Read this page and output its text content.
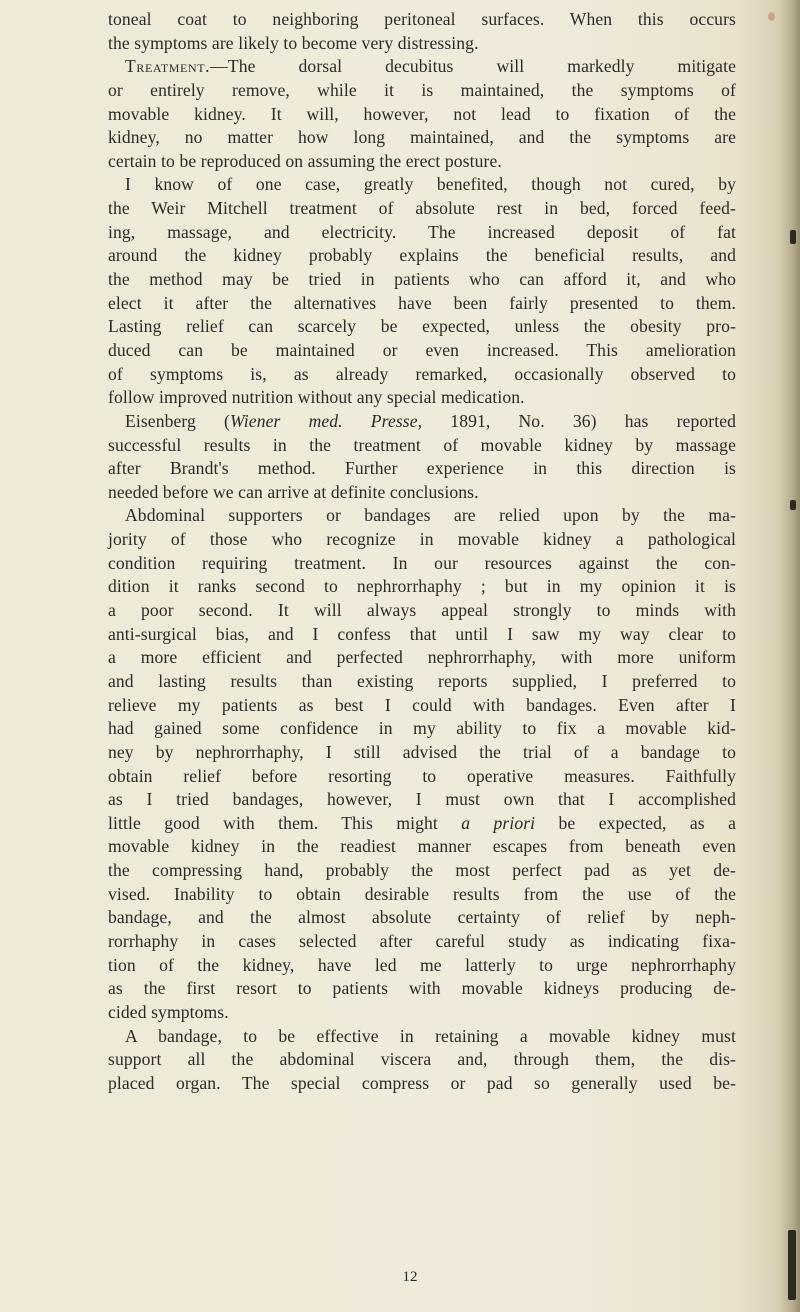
toneal coat to neighboring peritoneal surfaces. When this occurs
the symptoms are likely to become very distressing.
Treatment.—The dorsal decubitus will markedly mitigate
or entirely remove, while it is maintained, the symptoms of
movable kidney. It will, however, not lead to fixation of the
kidney, no matter how long maintained, and the symptoms are
certain to be reproduced on assuming the erect posture.
I know of one case, greatly benefited, though not cured, by
the Weir Mitchell treatment of absolute rest in bed, forced feed-
ing, massage, and electricity. The increased deposit of fat
around the kidney probably explains the beneficial results, and
the method may be tried in patients who can afford it, and who
elect it after the alternatives have been fairly presented to them.
Lasting relief can scarcely be expected, unless the obesity pro-
duced can be maintained or even increased. This amelioration
of symptoms is, as already remarked, occasionally observed to
follow improved nutrition without any special medication.
Eisenberg (Wiener med. Presse, 1891, No. 36) has reported
successful results in the treatment of movable kidney by massage
after Brandt's method. Further experience in this direction is
needed before we can arrive at definite conclusions.
Abdominal supporters or bandages are relied upon by the ma-
jority of those who recognize in movable kidney a pathological
condition requiring treatment. In our resources against the con-
dition it ranks second to nephrorrhaphy ; but in my opinion it is
a poor second. It will always appeal strongly to minds with
anti-surgical bias, and I confess that until I saw my way clear to
a more efficient and perfected nephrorrhaphy, with more uniform
and lasting results than existing reports supplied, I preferred to
relieve my patients as best I could with bandages. Even after I
had gained some confidence in my ability to fix a movable kid-
ney by nephrorrhaphy, I still advised the trial of a bandage to
obtain relief before resorting to operative measures. Faithfully
as I tried bandages, however, I must own that I accomplished
little good with them. This might a priori be expected, as a
movable kidney in the readiest manner escapes from beneath even
the compressing hand, probably the most perfect pad as yet de-
vised. Inability to obtain desirable results from the use of the
bandage, and the almost absolute certainty of relief by neph-
rorrhaphy in cases selected after careful study as indicating fixa-
tion of the kidney, have led me latterly to urge nephrorrhaphy
as the first resort to patients with movable kidneys producing de-
cided symptoms.
A bandage, to be effective in retaining a movable kidney must
support all the abdominal viscera and, through them, the dis-
placed organ. The special compress or pad so generally used be-
12
